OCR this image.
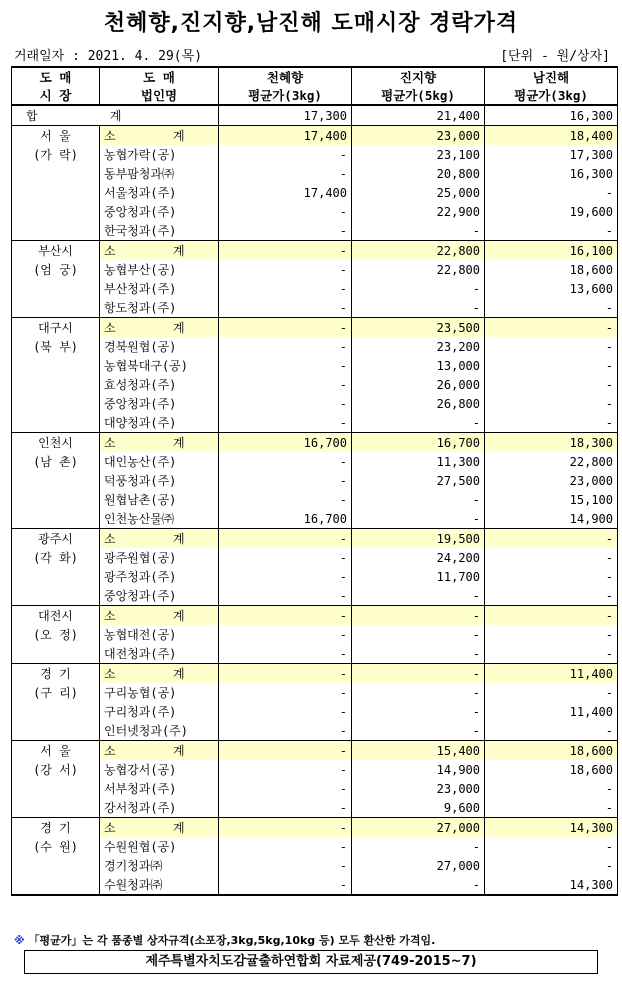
천혜향,진지향,남진해 도매시장 경락가격
거래일자 : 2021. 4. 29(목)	[단위 - 원/상자]
도 매	도 매	천혜향	진지향	남진해
시 장	법인명	평균가(3kg)	평균가(5kg)	평균가(3kg)
합          계		17,300	21,400	16,300
서 울	소      계	17,400	23,000	18,400
(가 락)	농협가락(공)	-	23,100	17,300
	동부팜청과㈜	-	20,800	16,300
	서울청과(주)	17,400	25,000	-
	중앙청과(주)	-	22,900	19,600
	한국청과(주)	-	-	-
부산시	소      계	-	22,800	16,100
(엄 궁)	농협부산(공)	-	22,800	18,600
	부산청과(주)	-	-	13,600
	항도청과(주)	-	-	-
대구시	소      계	-	23,500	-
(북 부)	경북원협(공)	-	23,200	-
	농협북대구(공)	-	13,000	-
	효성청과(주)	-	26,000	-
	중앙청과(주)	-	26,800	-
	대양청과(주)	-	-	-
인천시	소      계	16,700	16,700	18,300
(남 촌)	대인농산(주)	-	11,300	22,800
	덕풍청과(주)	-	27,500	23,000
	원협남촌(공)	-	-	15,100
	인천농산물㈜	16,700	-	14,900
광주시	소      계	-	19,500	-
(각 화)	광주원협(공)	-	24,200	-
	광주청과(주)	-	11,700	-
	중앙청과(주)	-	-	-
대전시	소      계	-	-	-
(오 정)	농협대전(공)	-	-	-
	대전청과(주)	-	-	-
경 기	소      계	-	-	11,400
(구 리)	구리농협(공)	-	-	-
	구리청과(주)	-	-	11,400
	인터넷청과(주)	-	-	-
서 울	소      계	-	15,400	18,600
(강 서)	농협강서(공)	-	14,900	18,600
	서부청과(주)	-	23,000	-
	강서청과(주)	-	9,600	-
경 기	소      계	-	27,000	14,300
(수 원)	수원원협(공)	-	-	-
	경기청과㈜	-	27,000	-
	수원청과㈜	-	-	14,300
※ 「평균가」는 각 품종별 상자규격(소포장,3kg,5kg,10kg 등) 모두 환산한 가격임.
제주특별자치도감귤출하연합회 자료제공(749-2015~7)
